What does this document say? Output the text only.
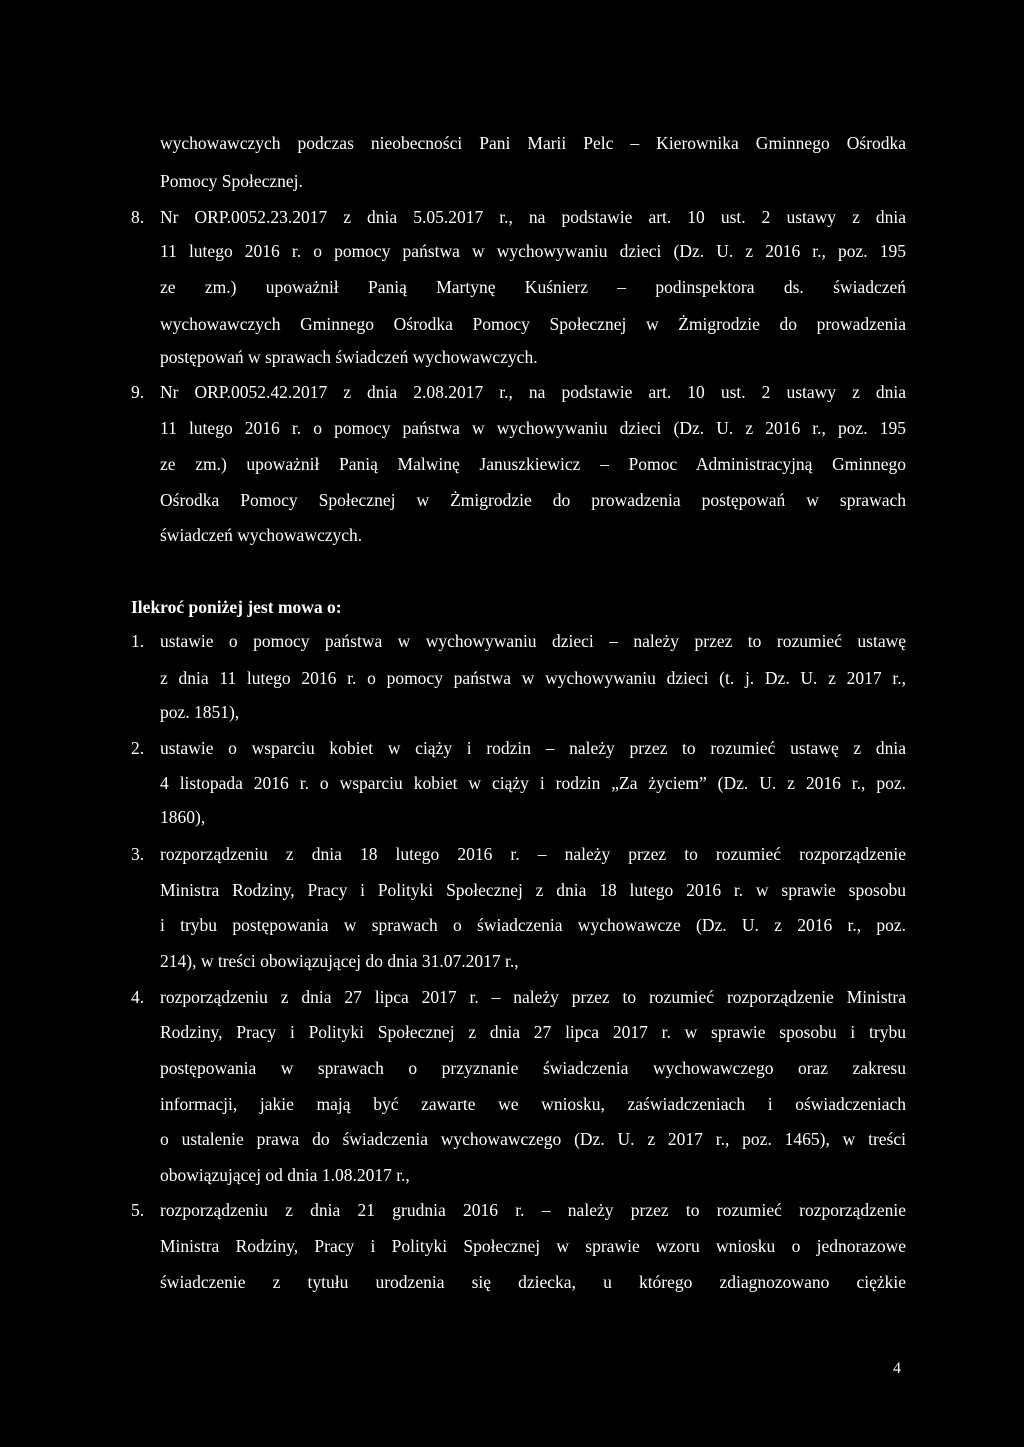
wychowawczych podczas nieobecności Pani Marii Pelc – Kierownika Gminnego Ośrodka
Pomocy Społecznej.
8. Nr ORP.0052.23.2017 z dnia 5.05.2017 r., na podstawie art. 10 ust. 2 ustawy z dnia
11 lutego 2016 r. o pomocy państwa w wychowywaniu dzieci (Dz. U. z 2016 r., poz. 195
ze zm.) upoważnił Panią Martynę Kuśnierz – podinspektora ds. świadczeń
wychowawczych Gminnego Ośrodka Pomocy Społecznej w Żmigrodzie do prowadzenia
postępowań w sprawach świadczeń wychowawczych.
9. Nr ORP.0052.42.2017 z dnia 2.08.2017 r., na podstawie art. 10 ust. 2 ustawy z dnia
11 lutego 2016 r. o pomocy państwa w wychowywaniu dzieci (Dz. U. z 2016 r., poz. 195
ze zm.) upoważnił Panią Malwinę Januszkiewicz – Pomoc Administracyjną Gminnego
Ośrodka Pomocy Społecznej w Żmigrodzie do prowadzenia postępowań w sprawach
świadczeń wychowawczych.
Ilekroć poniżej jest mowa o:
1. ustawie o pomocy państwa w wychowywaniu dzieci – należy przez to rozumieć ustawę
z dnia 11 lutego 2016 r. o pomocy państwa w wychowywaniu dzieci (t. j. Dz. U. z 2017 r.,
poz. 1851),
2. ustawie o wsparciu kobiet w ciąży i rodzin – należy przez to rozumieć ustawę z dnia
4 listopada 2016 r. o wsparciu kobiet w ciąży i rodzin „Za życiem” (Dz. U. z 2016 r., poz.
1860),
3. rozporządzeniu z dnia 18 lutego 2016 r. – należy przez to rozumieć rozporządzenie
Ministra Rodziny, Pracy i Polityki Społecznej z dnia 18 lutego 2016 r. w sprawie sposobu
i trybu postępowania w sprawach o świadczenia wychowawcze (Dz. U. z 2016 r., poz.
214), w treści obowiązującej do dnia 31.07.2017 r.,
4. rozporządzeniu z dnia 27 lipca 2017 r. – należy przez to rozumieć rozporządzenie Ministra
Rodziny, Pracy i Polityki Społecznej z dnia 27 lipca 2017 r. w sprawie sposobu i trybu
postępowania w sprawach o przyznanie świadczenia wychowawczego oraz zakresu
informacji, jakie mają być zawarte we wniosku, zaświadczeniach i oświadczeniach
o ustalenie prawa do świadczenia wychowawczego (Dz. U. z 2017 r., poz. 1465), w treści
obowiązującej od dnia 1.08.2017 r.,
5. rozporządzeniu z dnia 21 grudnia 2016 r. – należy przez to rozumieć rozporządzenie
Ministra Rodziny, Pracy i Polityki Społecznej w sprawie wzoru wniosku o jednorazowe
świadczenie z tytułu urodzenia się dziecka, u którego zdiagnozowano ciężkie
4
